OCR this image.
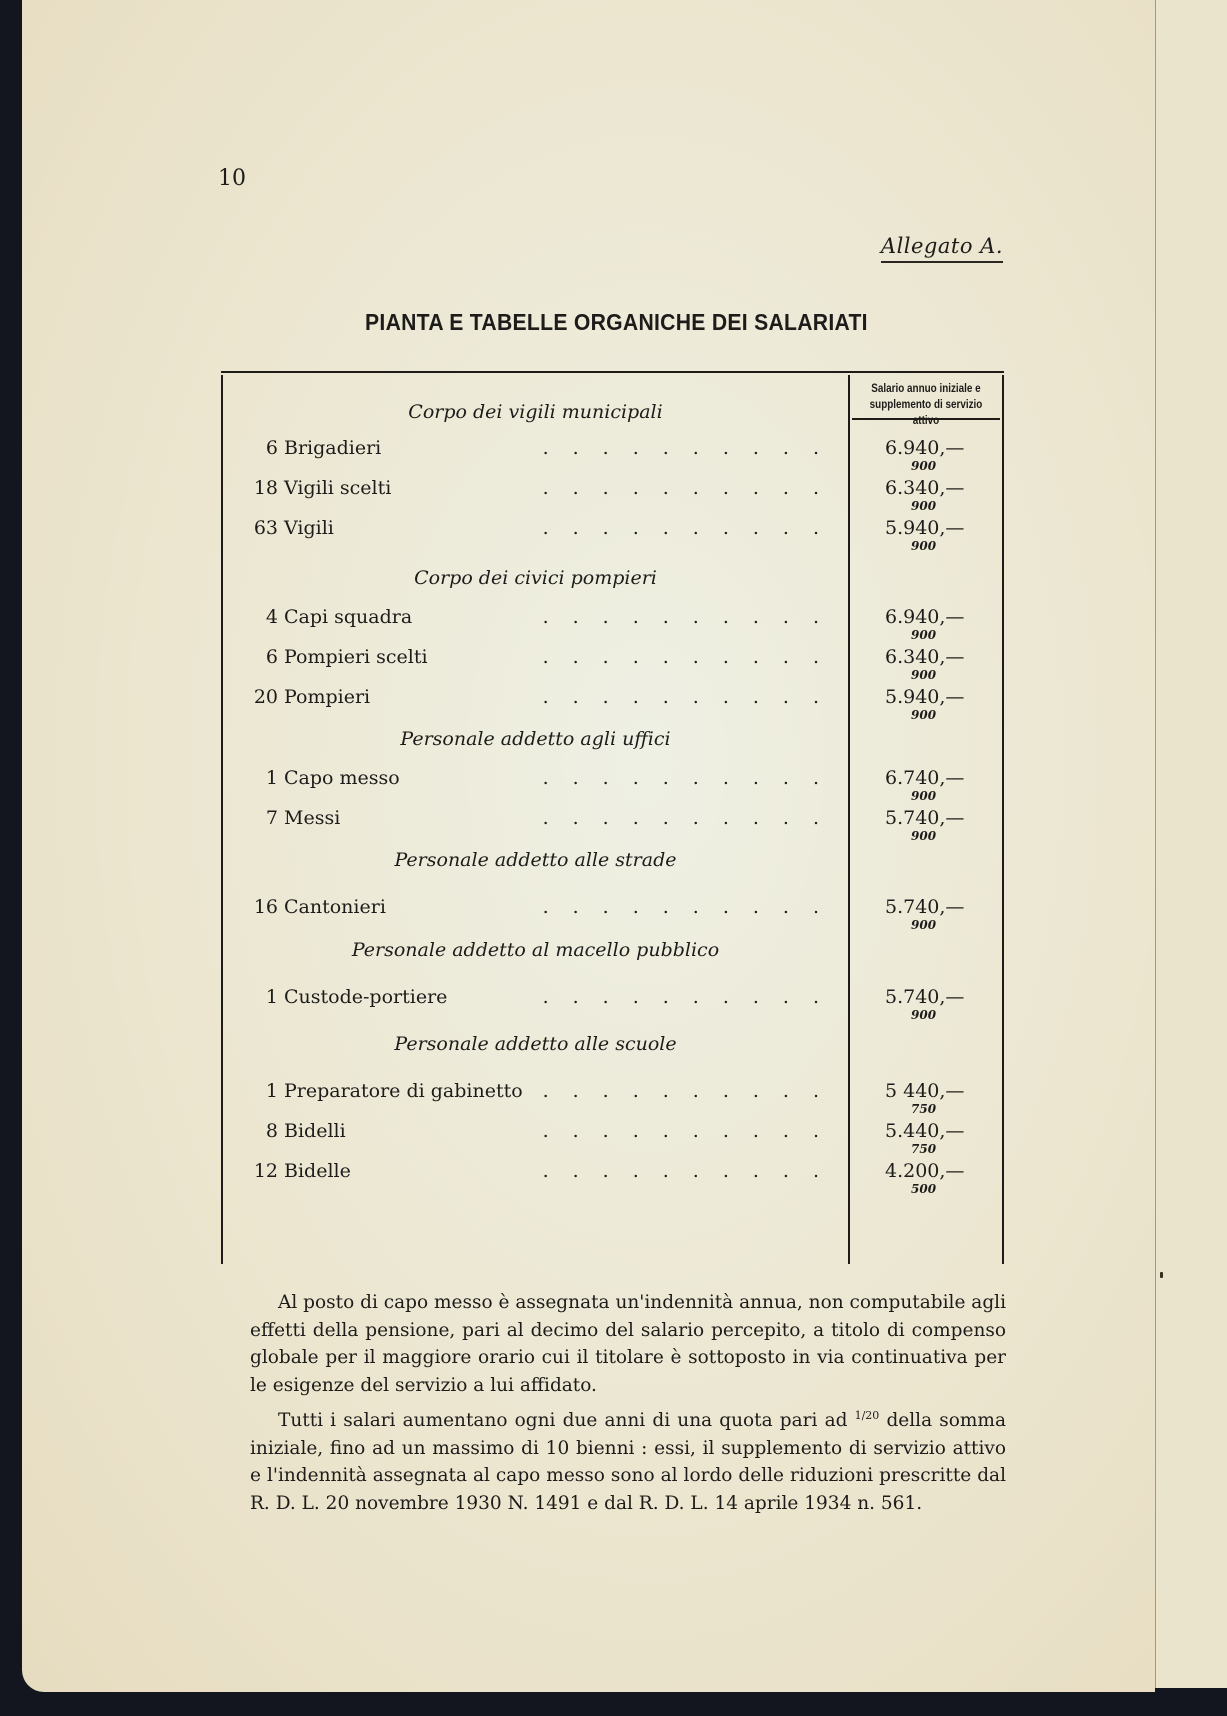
10
Allegato A.
PIANTA E TABELLE ORGANICHE DEI SALARIATI
Salario annuo iniziale e supplemento di servizio attivo
Corpo dei vigili municipali
6 Brigadieri	.......... 6.940,—
900
18 Vigili scelti	.......... 6.340,—
900
63 Vigili	.......... 5.940,—
900
Corpo dei civici pompieri
4 Capi squadra	.......... 6.940,—
900
6 Pompieri scelti	.......... 6.340,—
900
20 Pompieri	.......... 5.940,—
900
Personale addetto agli uffici
1 Capo messo	.......... 6.740,—
900
7 Messi	.......... 5.740,—
900
Personale addetto alle strade
16 Cantonieri	.......... 5.740,—
900
Personale addetto al macello pubblico
1 Custode-portiere	.......... 5.740,—
900
Personale addetto alle scuole
1 Preparatore di gabinetto	.......... 5 440,—
750
8 Bidelli	.......... 5.440,—
750
12 Bidelle	.......... 4.200,—
500
Al posto di capo messo è assegnata un'indennità annua, non computabile agli effetti della pensione, pari al decimo del salario percepito, a titolo di compenso globale per il maggiore orario cui il titolare è sottoposto in via continuativa per le esigenze del servizio a lui affidato.
Tutti i salari aumentano ogni due anni di una quota pari ad $^{1/20}$ della somma iniziale, fino ad un massimo di 10 bienni : essi, il supplemento di servizio attivo e l'indennità assegnata al capo messo sono al lordo delle riduzioni prescritte dal R. D. L. 20 novembre 1930 N. 1491 e dal R. D. L. 14 aprile 1934 n. 561.
